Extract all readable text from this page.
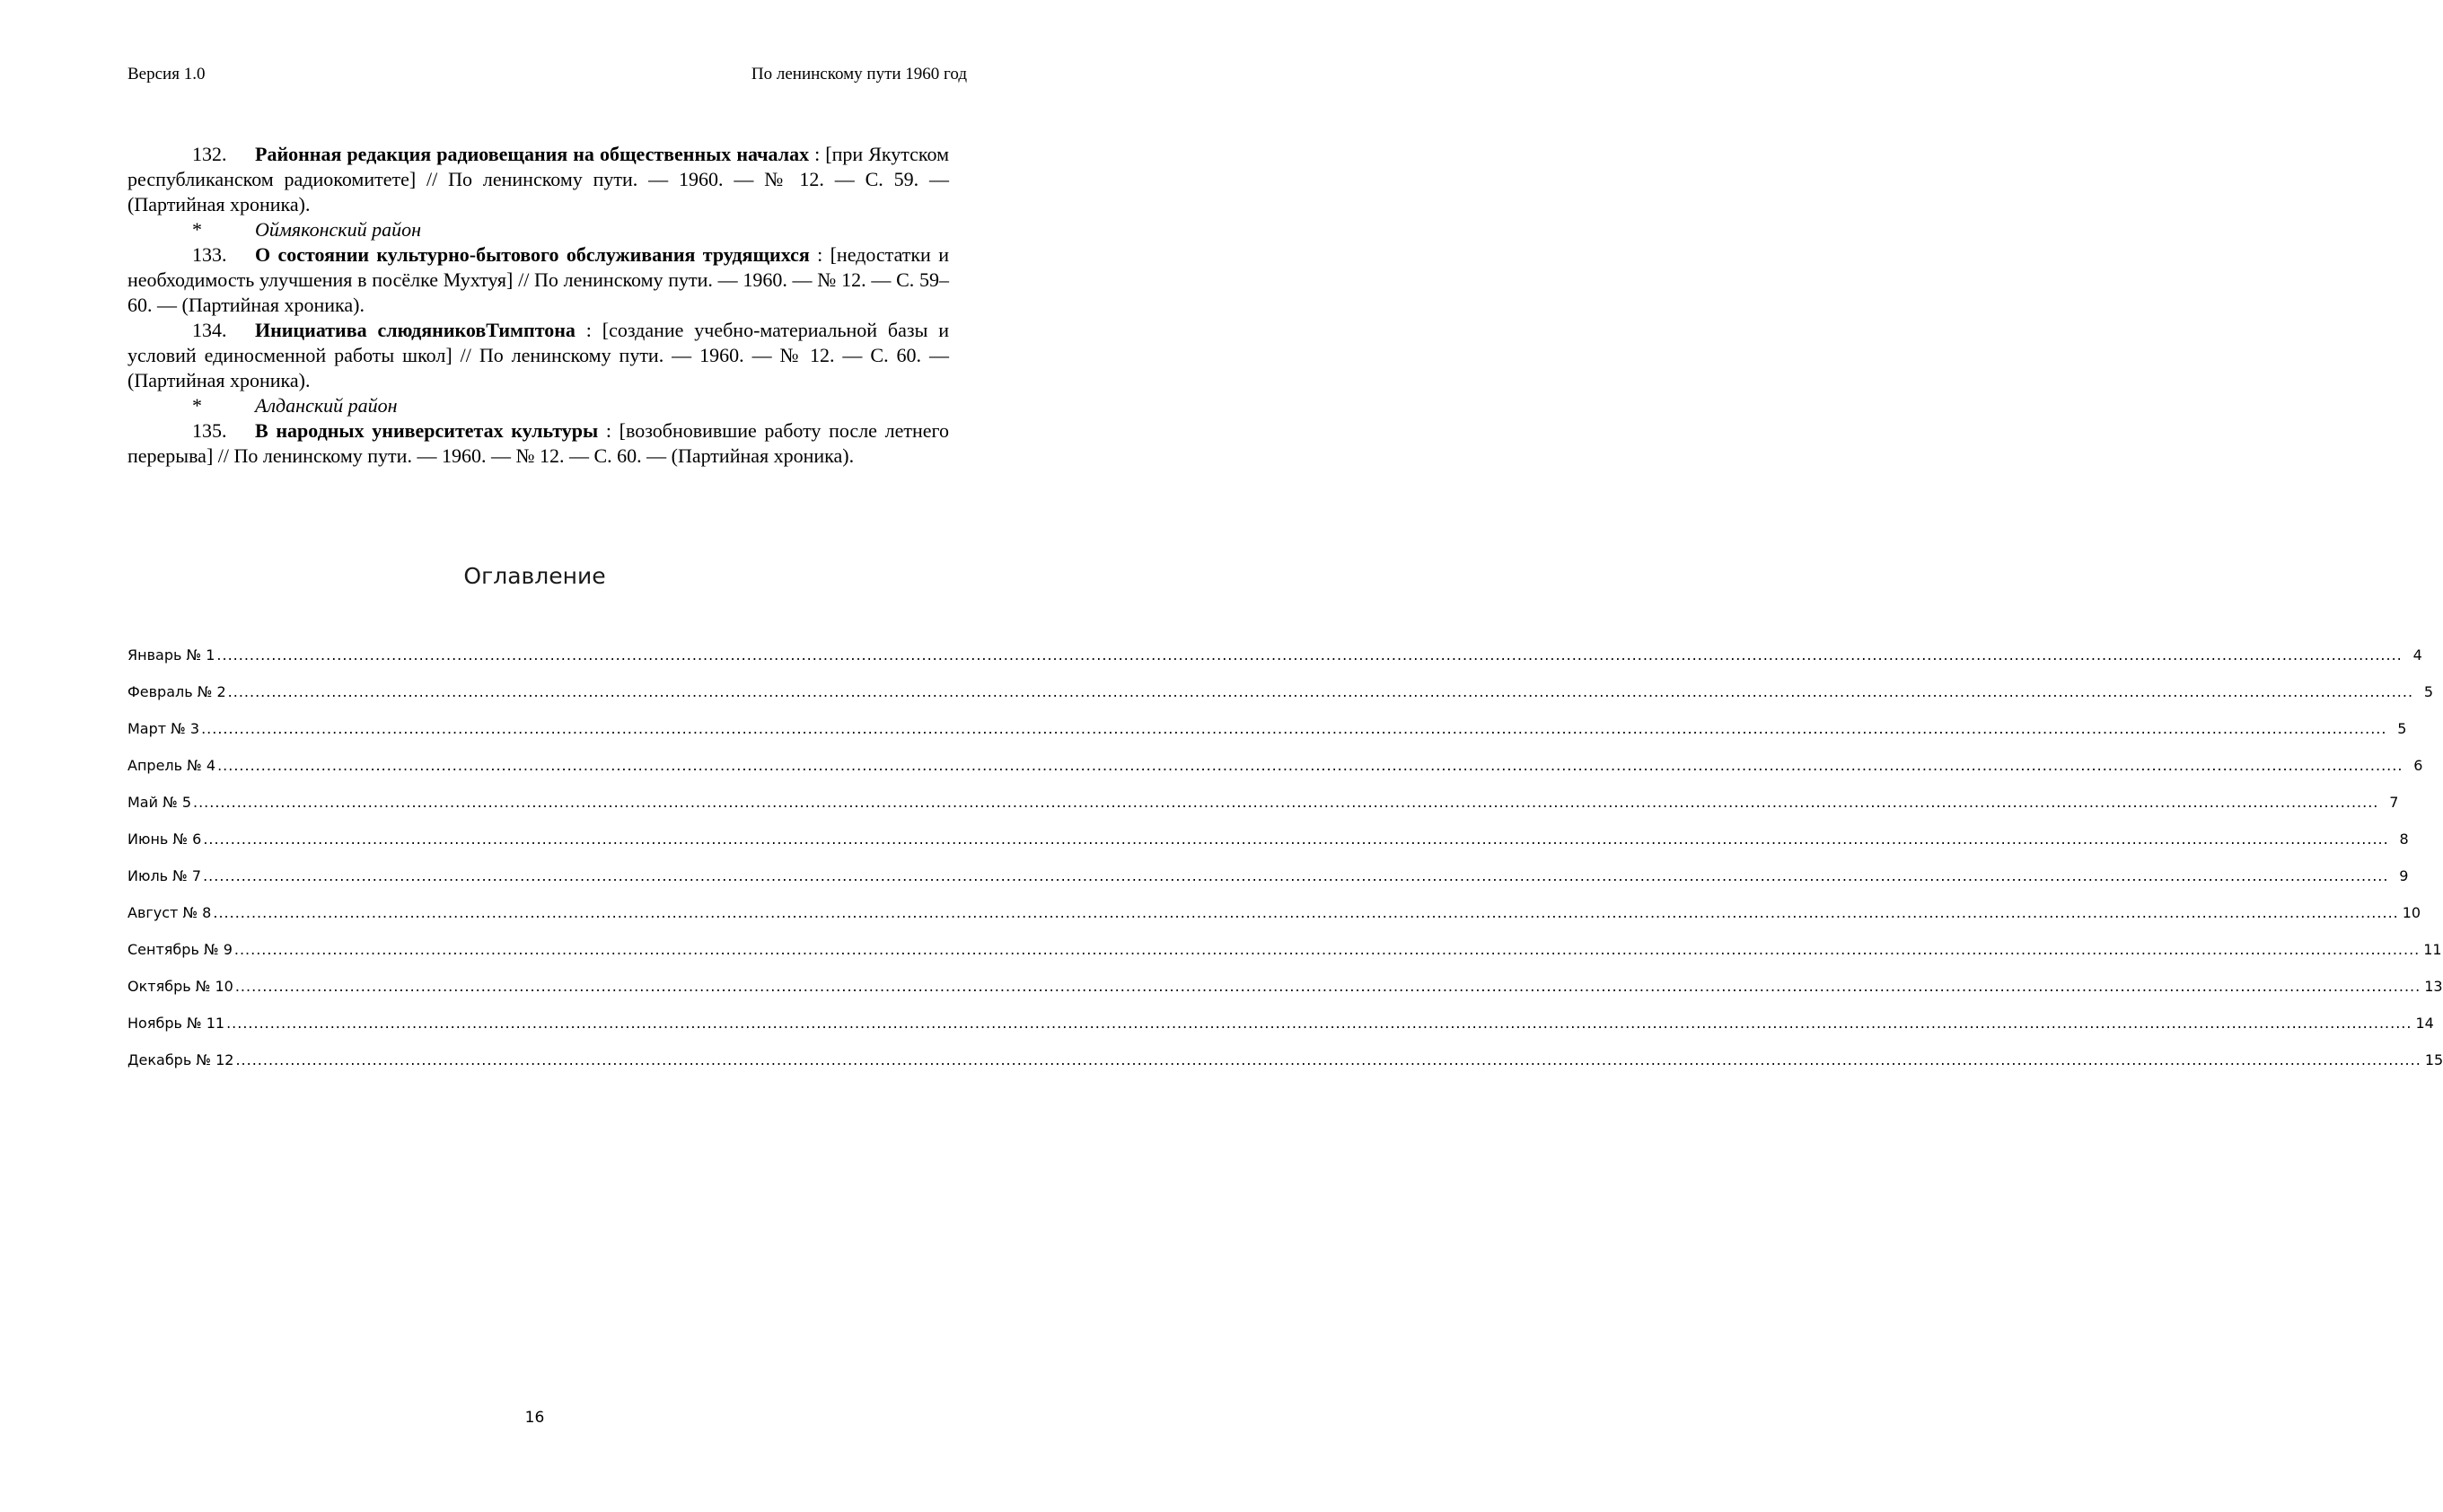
Версия 1.0	По ленинскому пути 1960 год

132. Районная редакция радиовещания на общественных началах : [при Якутском республиканском радиокомитете] // По ленинскому пути. — 1960. — № 12. — С. 59. — (Партийная хроника).

*	Оймяконский район

133. О состоянии культурно-бытового обслуживания трудящихся : [недостатки и необходимость улучшения в посёлке Мухтуя] // По ленинскому пути. — 1960. — № 12. — С. 59–60. — (Партийная хроника).

134. Инициатива слюдяниковТимптона : [создание учебно-материальной базы и условий единосменной работы школ] // По ленинскому пути. — 1960. — № 12. — С. 60. — (Партийная хроника).

*	Алданский район

135. В народных университетах культуры : [возобновившие работу после летнего перерыва] // По ленинскому пути. — 1960. — № 12. — С. 60. — (Партийная хроника).

Оглавление
Январь № 1 ................................................................................................................................................................................................................................................................................................................................................................................................................ 4
Февраль № 2 ................................................................................................................................................................................................................................................................................................................................................................................................................ 5
Март № 3 ................................................................................................................................................................................................................................................................................................................................................................................................................ 5
Апрель № 4 ................................................................................................................................................................................................................................................................................................................................................................................................................ 6
Май № 5 ................................................................................................................................................................................................................................................................................................................................................................................................................ 7
Июнь № 6 ................................................................................................................................................................................................................................................................................................................................................................................................................ 8
Июль № 7 ................................................................................................................................................................................................................................................................................................................................................................................................................ 9
Август № 8 ................................................................................................................................................................................................................................................................................................................................................................................................................ 10
Сентябрь № 9 ................................................................................................................................................................................................................................................................................................................................................................................................................ 11
Октябрь № 10 ................................................................................................................................................................................................................................................................................................................................................................................................................ 13
Ноябрь № 11 ................................................................................................................................................................................................................................................................................................................................................................................................................ 14
Декабрь № 12 ................................................................................................................................................................................................................................................................................................................................................................................................................ 15
16
